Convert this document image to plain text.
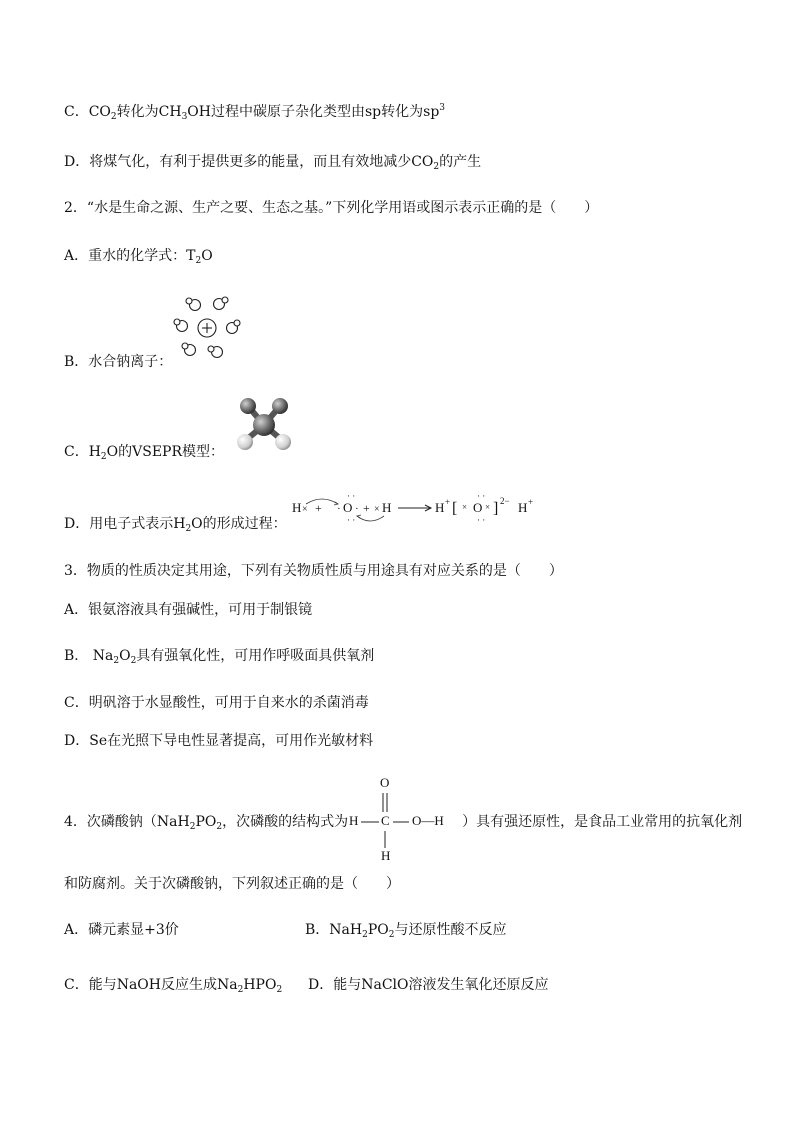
C．$CO_2$转化为$CH_3OH$过程中碳原子杂化类型由sp转化为$sp^3$
D．将煤气化，有利于提供更多的能量，而且有效地减少$CO_2$的产生
2．“水是生命之源、生产之要、生态之基。”下列化学用语或图示表示正确的是（　　）
A．重水的化学式：$T_2O$
B．水合钠离子：
C．$H_2O$的VSEPR模型：
D．用电子式表示$H_2O$的形成过程：
H × +
· ·
· O ·
· ·
+ × H	H + [
· ·
× O ×
· ·
] 2− H +
3．物质的性质决定其用途，下列有关物质性质与用途具有对应关系的是（　　）
A．银氨溶液具有强碱性，可用于制银镜
B． $Na_2O_2$具有强氧化性，可用作呼吸面具供氧剂
C．明矾溶于水显酸性，可用于自来水的杀菌消毒
D．Se在光照下导电性显著提高，可用作光敏材料
4．次磷酸钠（$NaH_2PO_2$，次磷酸的结构式为	）具有强还原性，是食品工业常用的抗氧化剂
O
H C O—H
H
和防腐剂。关于次磷酸钠，下列叙述正确的是（　　）
A．磷元素显+3价	B．$NaH_2PO_2$与还原性酸不反应
C．能与NaOH反应生成$Na_2HPO_2$ D．能与NaClO溶液发生氧化还原反应
